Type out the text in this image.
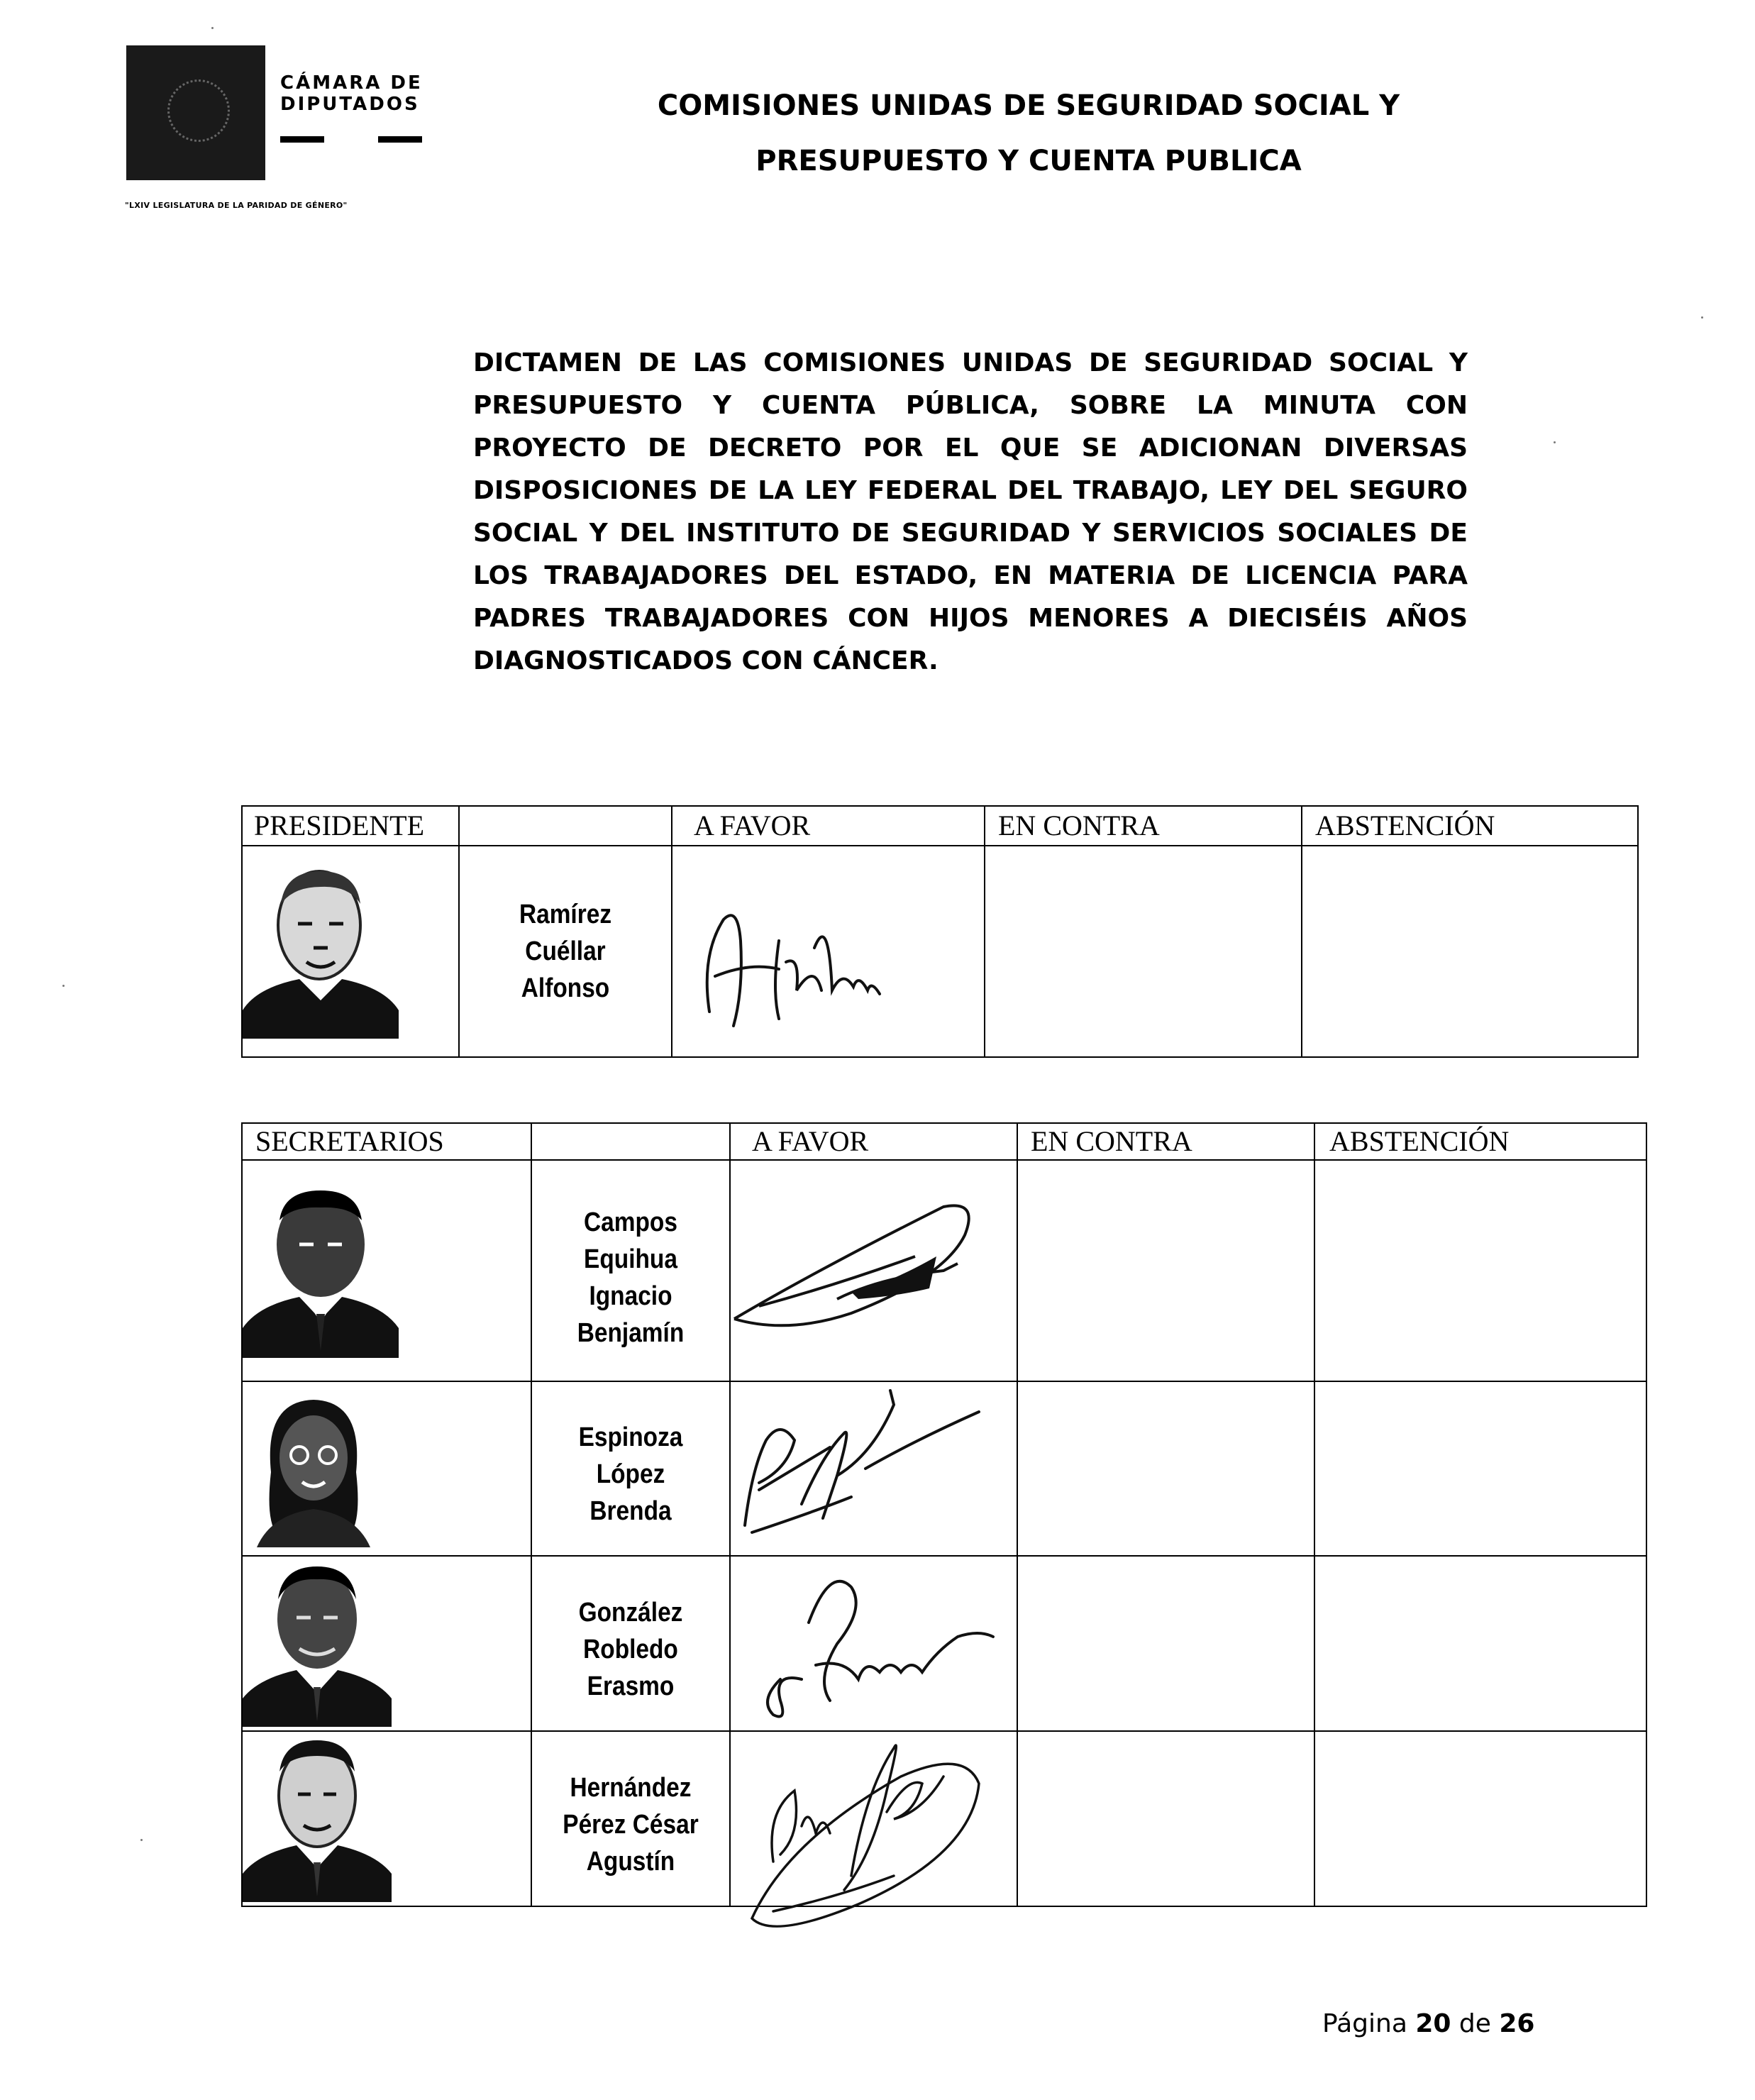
CÁMARA DE
DIPUTADOS
"LXIV LEGISLATURA DE LA PARIDAD DE GÉNERO"
COMISIONES UNIDAS DE SEGURIDAD SOCIAL Y
PRESUPUESTO Y CUENTA PUBLICA
DICTAMEN DE LAS COMISIONES UNIDAS DE SEGURIDAD SOCIAL Y PRESUPUESTO Y CUENTA PÚBLICA, SOBRE LA MINUTA CON PROYECTO DE DECRETO POR EL QUE SE ADICIONAN DIVERSAS DISPOSICIONES DE LA LEY FEDERAL DEL TRABAJO, LEY DEL SEGURO SOCIAL Y DEL INSTITUTO DE SEGURIDAD Y SERVICIOS SOCIALES DE LOS TRABAJADORES DEL ESTADO, EN MATERIA DE LICENCIA PARA PADRES TRABAJADORES CON HIJOS MENORES A DIECISÉIS AÑOS DIAGNOSTICADOS CON CÁNCER.
PRESIDENTE		A FAVOR	EN CONTRA	ABSTENCIÓN

Ramírez
Cuéllar
Alfonso

SECRETARIOS		A FAVOR	EN CONTRA	ABSTENCIÓN

Campos
Equihua
Ignacio
Benjamín

Espinoza
López
Brenda

González
Robledo
Erasmo

Hernández
Pérez César
Agustín

Página 20 de 26
